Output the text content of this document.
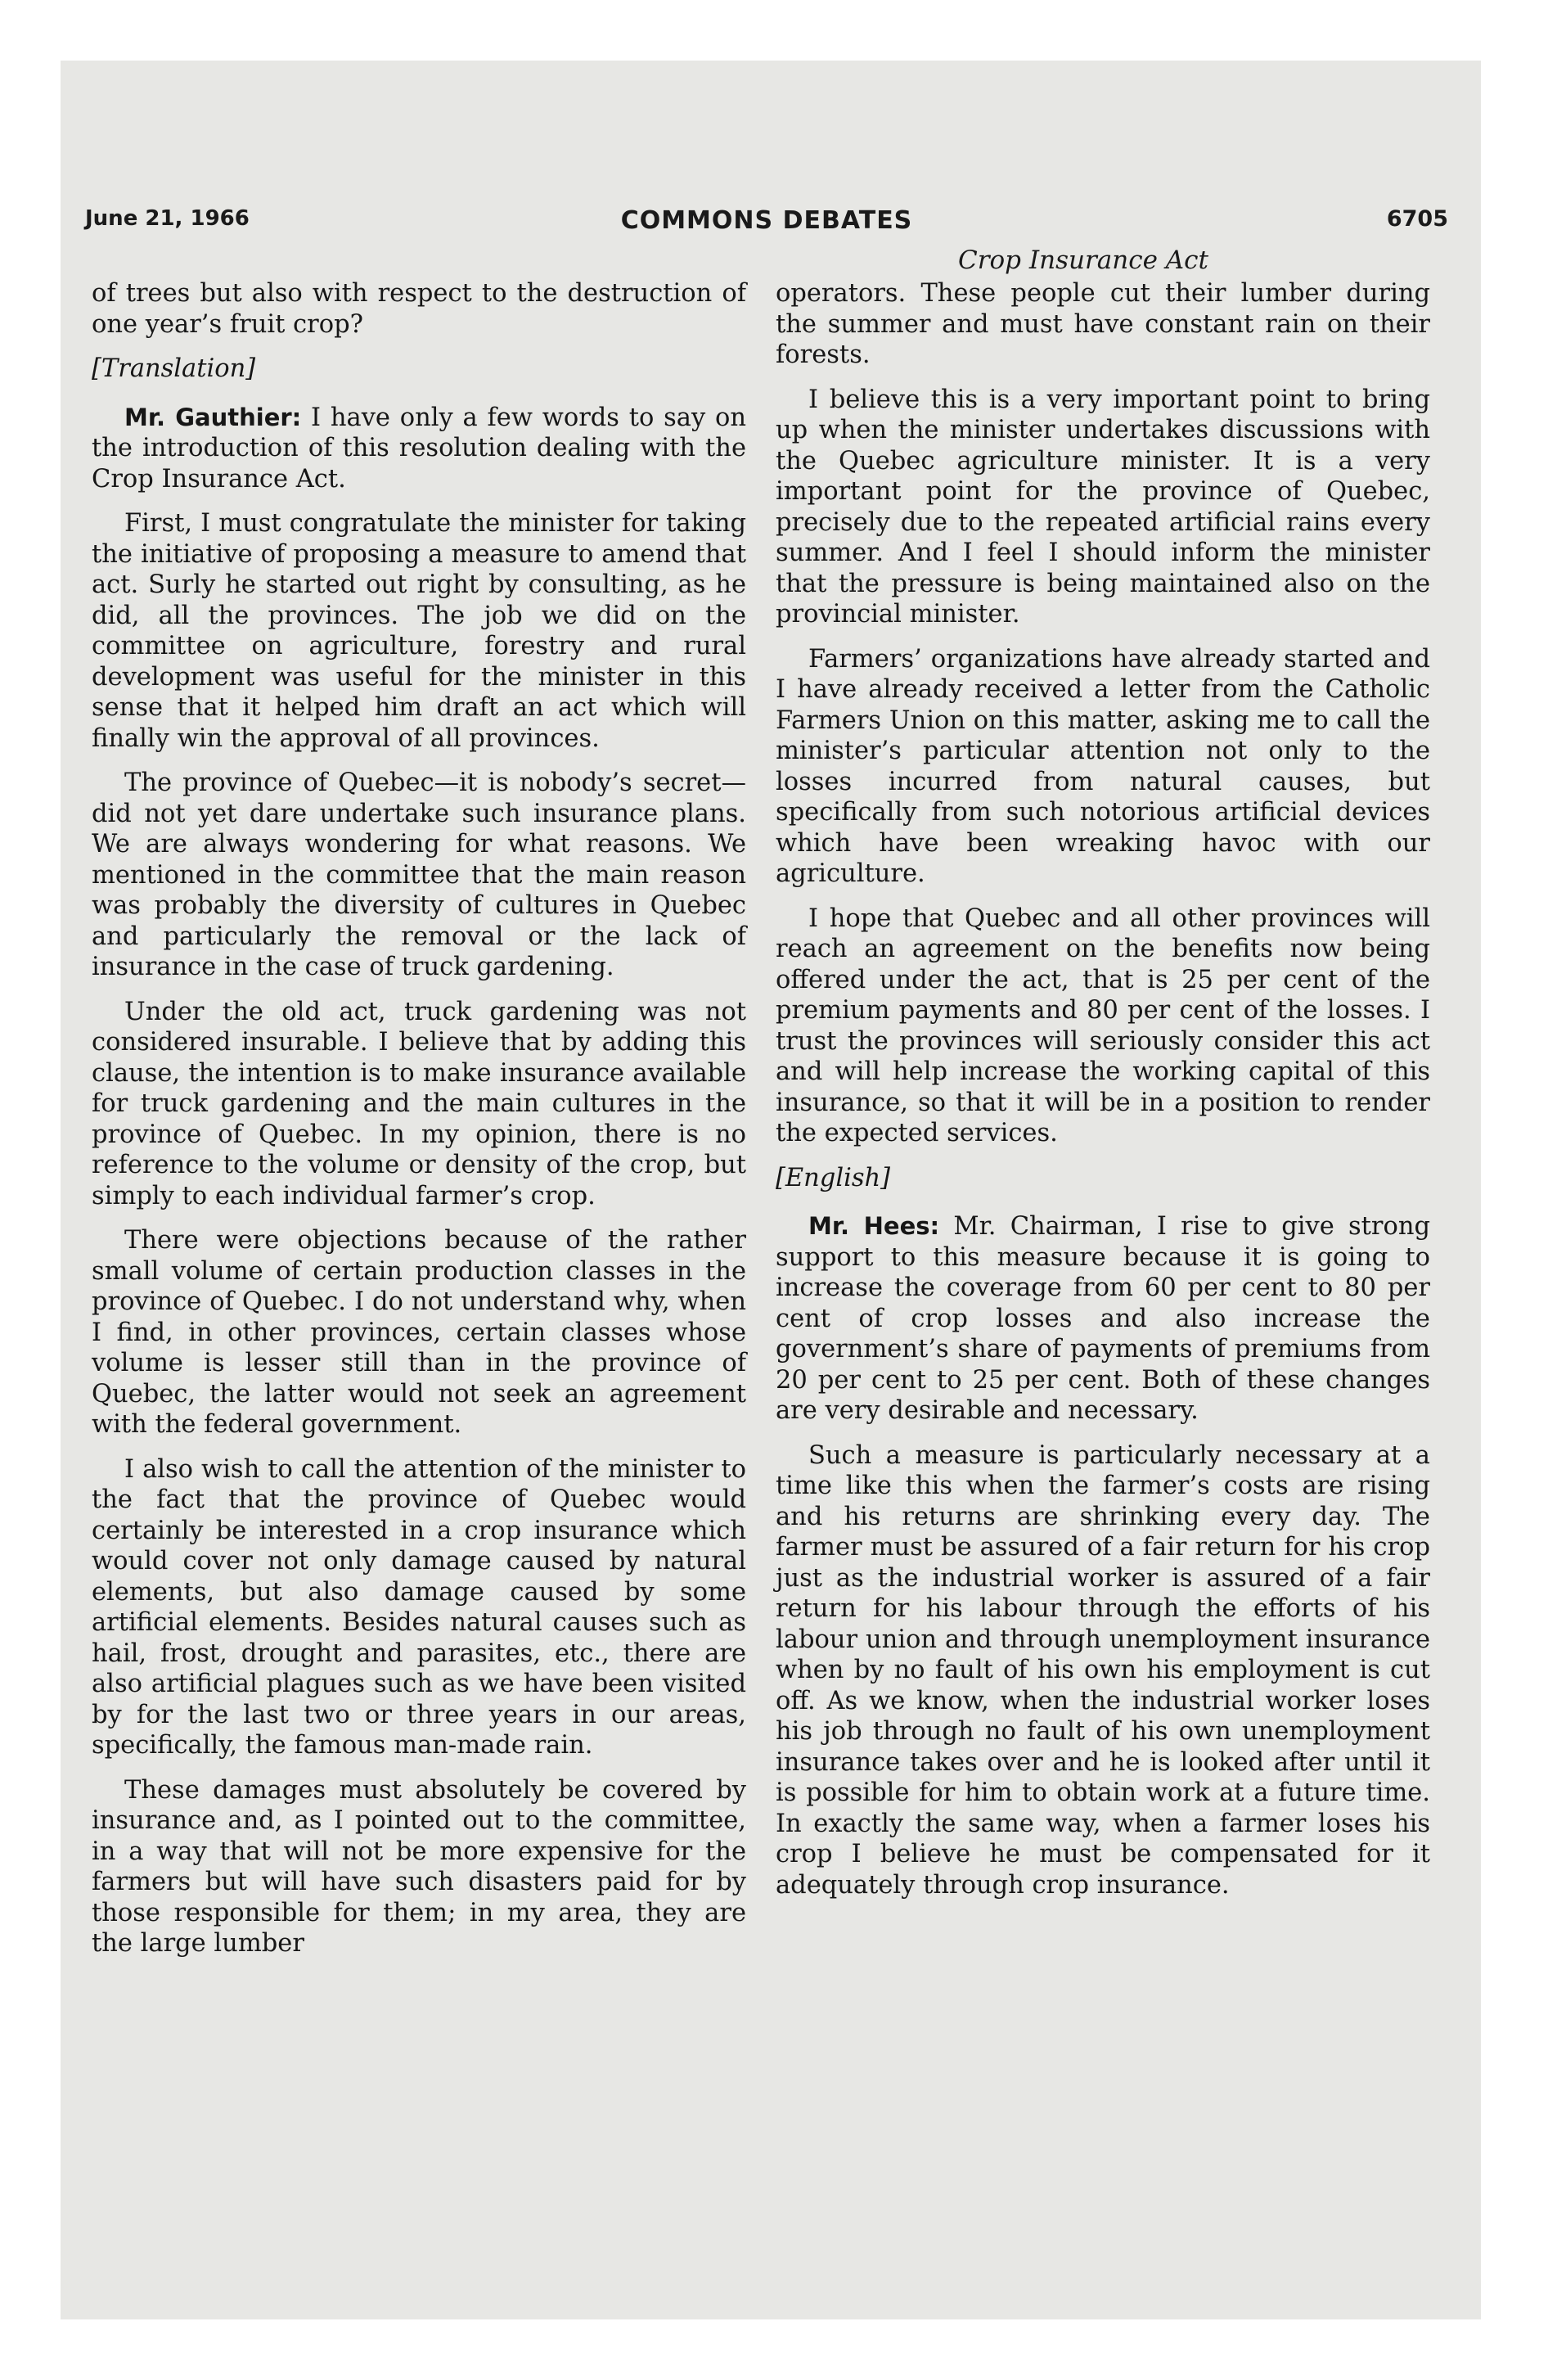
June 21, 1966	COMMONS DEBATES	6705
Crop Insurance Act

of trees but also with respect to the destruction of one year’s fruit crop?

[Translation]

Mr. Gauthier: I have only a few words to say on the introduction of this resolution dealing with the Crop Insurance Act.

First, I must congratulate the minister for taking the initiative of proposing a measure to amend that act. Surly he started out right by consulting, as he did, all the provinces. The job we did on the committee on agriculture, forestry and rural development was useful for the minister in this sense that it helped him draft an act which will finally win the approval of all provinces.

The province of Quebec—it is nobody’s secret—did not yet dare undertake such insurance plans. We are always wondering for what reasons. We mentioned in the committee that the main reason was probably the diversity of cultures in Quebec and particularly the removal or the lack of insurance in the case of truck gardening.

Under the old act, truck gardening was not considered insurable. I believe that by adding this clause, the intention is to make insurance available for truck gardening and the main cultures in the province of Quebec. In my opinion, there is no reference to the volume or density of the crop, but simply to each individual farmer’s crop.

There were objections because of the rather small volume of certain production classes in the province of Quebec. I do not understand why, when I find, in other provinces, certain classes whose volume is lesser still than in the province of Quebec, the latter would not seek an agreement with the federal government.

I also wish to call the attention of the minister to the fact that the province of Quebec would certainly be interested in a crop insurance which would cover not only damage caused by natural elements, but also damage caused by some artificial elements. Besides natural causes such as hail, frost, drought and parasites, etc., there are also artificial plagues such as we have been visited by for the last two or three years in our areas, specifically, the famous man-made rain.

These damages must absolutely be covered by insurance and, as I pointed out to the committee, in a way that will not be more expensive for the farmers but will have such disasters paid for by those responsible for them; in my area, they are the large lumber

operators. These people cut their lumber during the summer and must have constant rain on their forests.

I believe this is a very important point to bring up when the minister undertakes discussions with the Quebec agriculture minister. It is a very important point for the province of Quebec, precisely due to the repeated artificial rains every summer. And I feel I should inform the minister that the pressure is being maintained also on the provincial minister.

Farmers’ organizations have already started and I have already received a letter from the Catholic Farmers Union on this matter, asking me to call the minister’s particular attention not only to the losses incurred from natural causes, but specifically from such notorious artificial devices which have been wreaking havoc with our agriculture.

I hope that Quebec and all other provinces will reach an agreement on the benefits now being offered under the act, that is 25 per cent of the premium payments and 80 per cent of the losses. I trust the provinces will seriously consider this act and will help increase the working capital of this insurance, so that it will be in a position to render the expected services.

[English]

Mr. Hees: Mr. Chairman, I rise to give strong support to this measure because it is going to increase the coverage from 60 per cent to 80 per cent of crop losses and also increase the government’s share of payments of premiums from 20 per cent to 25 per cent. Both of these changes are very desirable and necessary.

Such a measure is particularly necessary at a time like this when the farmer’s costs are rising and his returns are shrinking every day. The farmer must be assured of a fair return for his crop just as the industrial worker is assured of a fair return for his labour through the efforts of his labour union and through unemployment insurance when by no fault of his own his employment is cut off. As we know, when the industrial worker loses his job through no fault of his own unemployment insurance takes over and he is looked after until it is possible for him to obtain work at a future time. In exactly the same way, when a farmer loses his crop I believe he must be compensated for it adequately through crop insurance.
